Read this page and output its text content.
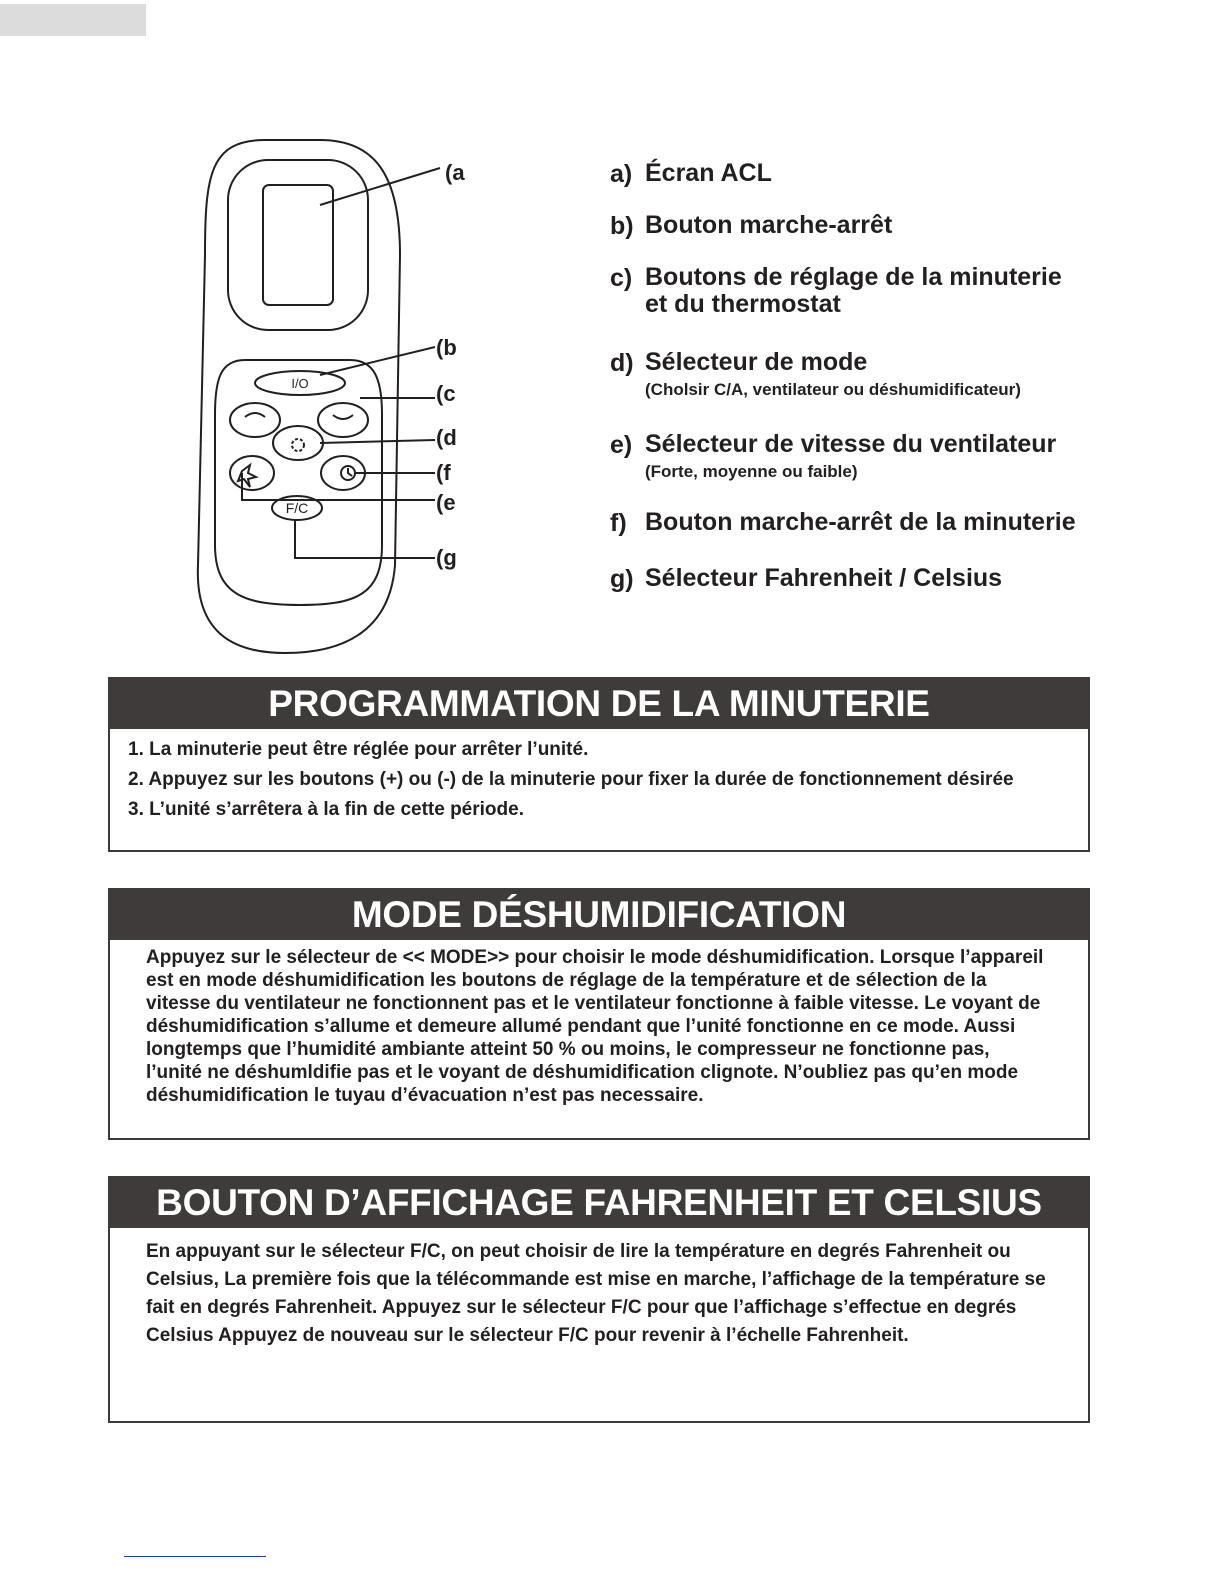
I/O
F/C
(a
(b
(c
(d
(f
(e
(g
a) Écran ACL
b) Bouton marche-arrêt
c) Boutons de réglage de la minuterie
et du thermostat
d) Sélecteur de mode
(Cholsir C/A, ventilateur ou déshumidificateur)
e) Sélecteur de vitesse du ventilateur
(Forte, moyenne ou faible)
f) Bouton marche-arrêt de la minuterie
g) Sélecteur Fahrenheit / Celsius
PROGRAMMATION DE LA MINUTERIE
1. La minuterie peut être réglée pour arrêter l’unité.
2. Appuyez sur les boutons (+) ou (-) de la minuterie pour fixer la durée de fonctionnement désirée
3. L’unité s’arrêtera à la fin de cette période.
MODE DÉSHUMIDIFICATION
Appuyez sur le sélecteur de << MODE>> pour choisir le mode déshumidification. Lorsque l’appareil est en mode déshumidification les boutons de réglage de la température et de sélection de la vitesse du ventilateur ne fonctionnent pas et le ventilateur fonctionne à faible vitesse. Le voyant de déshumidification s’allume et demeure allumé pendant que l’unité fonctionne en ce mode. Aussi longtemps que l’humidité ambiante atteint 50 % ou moins, le compresseur ne fonctionne pas, l’unité ne déshumldifie pas et le voyant de déshumidification clignote. N’oubliez pas qu’en mode déshumidification le tuyau d’évacuation n’est pas necessaire.
BOUTON D’AFFICHAGE FAHRENHEIT ET CELSIUS
En appuyant sur le sélecteur F/C, on peut choisir de lire la température en degrés Fahrenheit ou Celsius, La première fois que la télécommande est mise en marche, l’affichage de la température se fait en degrés Fahrenheit. Appuyez sur le sélecteur F/C pour que l’affichage s’effectue en degrés Celsius Appuyez de nouveau sur le sélecteur F/C pour revenir à l’échelle Fahrenheit.
